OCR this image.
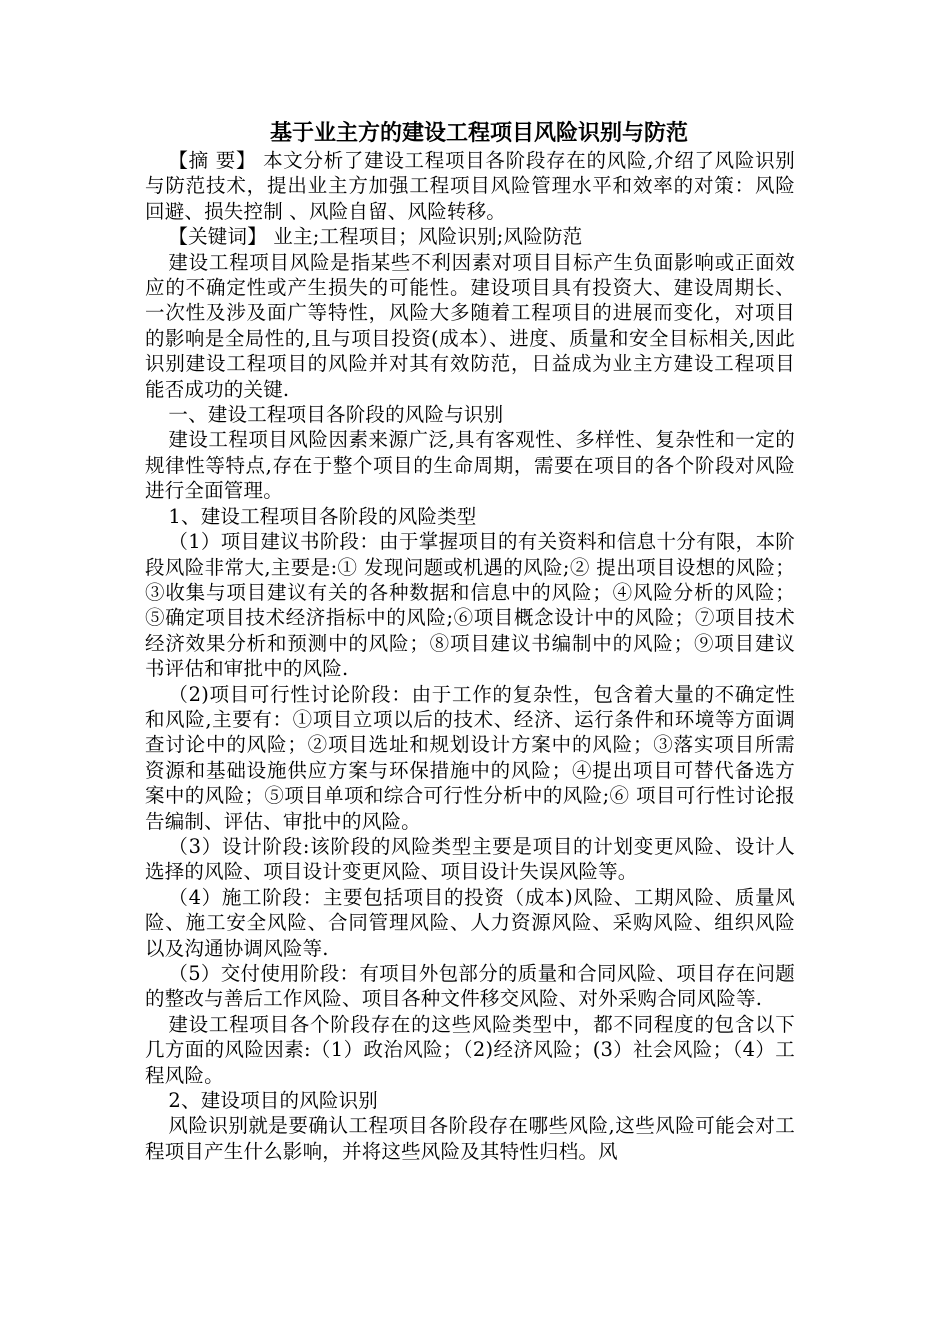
基于业主方的建设工程项目风险识别与防范

【摘 要】 本文分析了建设工程项目各阶段存在的风险,介绍了风险识别与防范技术，提出业主方加强工程项目风险管理水平和效率的对策：风险回避、损失控制 、风险自留、风险转移。

【关键词】 业主;工程项目；风险识别;风险防范

建设工程项目风险是指某些不利因素对项目目标产生负面影响或正面效应的不确定性或产生损失的可能性。建设项目具有投资大、建设周期长、一次性及涉及面广等特性，风险大多随着工程项目的进展而变化，对项目的影响是全局性的,且与项目投资(成本）、进度、质量和安全目标相关,因此识别建设工程项目的风险并对其有效防范，日益成为业主方建设工程项目能否成功的关键.

一、建设工程项目各阶段的风险与识别

建设工程项目风险因素来源广泛,具有客观性、多样性、复杂性和一定的规律性等特点,存在于整个项目的生命周期，需要在项目的各个阶段对风险进行全面管理。

1、建设工程项目各阶段的风险类型

（1）项目建议书阶段：由于掌握项目的有关资料和信息十分有限，本阶段风险非常大,主要是:① 发现问题或机遇的风险;② 提出项目设想的风险；③收集与项目建议有关的各种数据和信息中的风险；④风险分析的风险；⑤确定项目技术经济指标中的风险;⑥项目概念设计中的风险；⑦项目技术经济效果分析和预测中的风险；⑧项目建议书编制中的风险；⑨项目建议书评估和审批中的风险.

（2)项目可行性讨论阶段：由于工作的复杂性，包含着大量的不确定性和风险,主要有：①项目立项以后的技术、经济、运行条件和环境等方面调查讨论中的风险；②项目选址和规划设计方案中的风险；③落实项目所需资源和基础设施供应方案与环保措施中的风险；④提出项目可替代备选方案中的风险；⑤项目单项和综合可行性分析中的风险;⑥ 项目可行性讨论报告编制、评估、审批中的风险。

（3）设计阶段:该阶段的风险类型主要是项目的计划变更风险、设计人选择的风险、项目设计变更风险、项目设计失误风险等。

（4）施工阶段：主要包括项目的投资（成本)风险、工期风险、质量风险、施工安全风险、合同管理风险、人力资源风险、采购风险、组织风险以及沟通协调风险等.

（5）交付使用阶段：有项目外包部分的质量和合同风险、项目存在问题的整改与善后工作风险、项目各种文件移交风险、对外采购合同风险等.

建设工程项目各个阶段存在的这些风险类型中，都不同程度的包含以下几方面的风险因素:（1）政治风险；（2)经济风险；(3）社会风险；（4）工程风险。

2、建设项目的风险识别

风险识别就是要确认工程项目各阶段存在哪些风险,这些风险可能会对工程项目产生什么影响，并将这些风险及其特性归档。风
